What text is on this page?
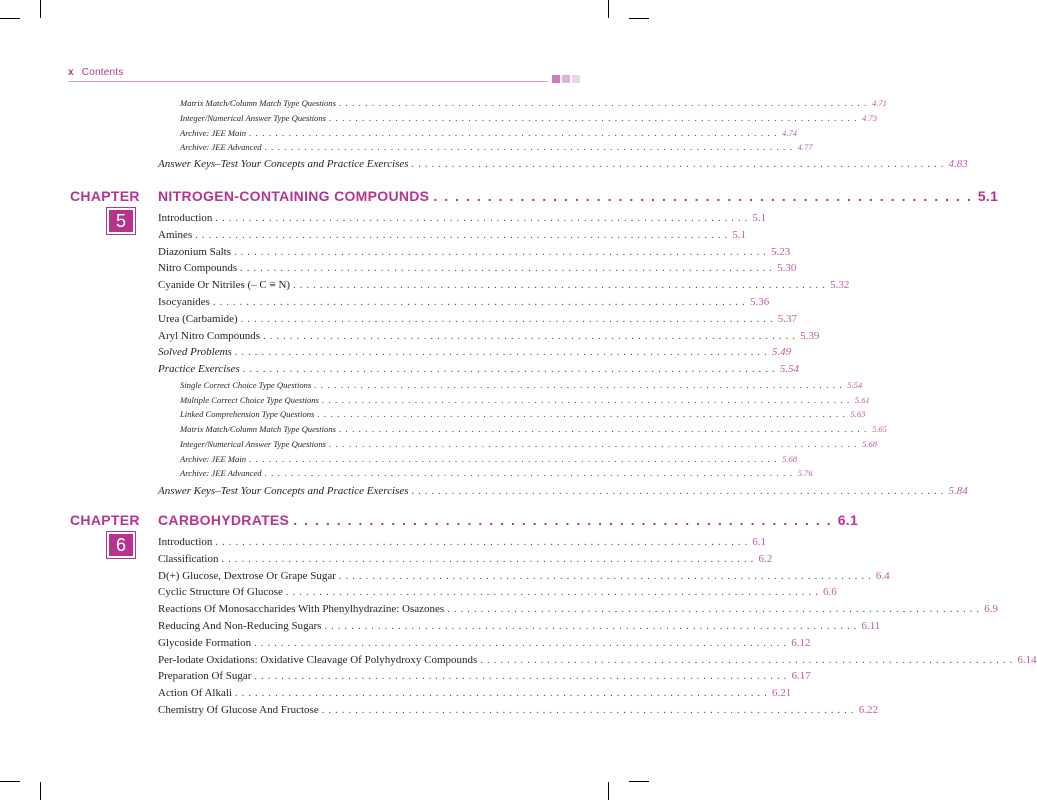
x Contents
Matrix Match/Column Match Type Questions ................................................................................ 4.71
Integer/Numerical Answer Type Questions ................................................................................ 4.73
Archive: JEE Main ................................................................................ 4.74
Archive: JEE Advanced ................................................................................ 4.77
Answer Keys–Test Your Concepts and Practice Exercises ................................................................................ 4.83
CHAPTER
5
NITROGEN-CONTAINING COMPOUNDS .................................................. 5.1
Introduction ................................................................................ 5.1
Amines ................................................................................ 5.1
Diazonium Salts ................................................................................ 5.23
Nitro Compounds ................................................................................ 5.30
Cyanide Or Nitriles (– C ≡ N) ................................................................................ 5.32
Isocyanides ................................................................................ 5.36
Urea (Carbamide) ................................................................................ 5.37
Aryl Nitro Compounds ................................................................................ 5.39
Solved Problems ................................................................................ 5.49
Practice Exercises ................................................................................ 5.54
Single Correct Choice Type Questions ................................................................................ 5.54
Multiple Correct Choice Type Questions ................................................................................ 5.61
Linked Comprehension Type Questions ................................................................................ 5.63
Matrix Match/Column Match Type Questions ................................................................................ 5.65
Integer/Numerical Answer Type Questions ................................................................................ 5.68
Archive: JEE Main ................................................................................ 5.68
Archive: JEE Advanced ................................................................................ 5.76
Answer Keys–Test Your Concepts and Practice Exercises ................................................................................ 5.84
CHAPTER
6
CARBOHYDRATES .................................................. 6.1
Introduction ................................................................................ 6.1
Classification ................................................................................ 6.2
D(+) Glucose, Dextrose Or Grape Sugar ................................................................................ 6.4
Cyclic Structure Of Glucose ................................................................................ 6.6
Reactions Of Monosaccharides With Phenylhydrazine: Osazones ................................................................................ 6.9
Reducing And Non-Reducing Sugars ................................................................................ 6.11
Glycoside Formation ................................................................................ 6.12
Per-Iodate Oxidations: Oxidative Cleavage Of Polyhydroxy Compounds ................................................................................ 6.14
Preparation Of Sugar ................................................................................ 6.17
Action Of Alkali ................................................................................ 6.21
Chemistry Of Glucose And Fructose ................................................................................ 6.22
